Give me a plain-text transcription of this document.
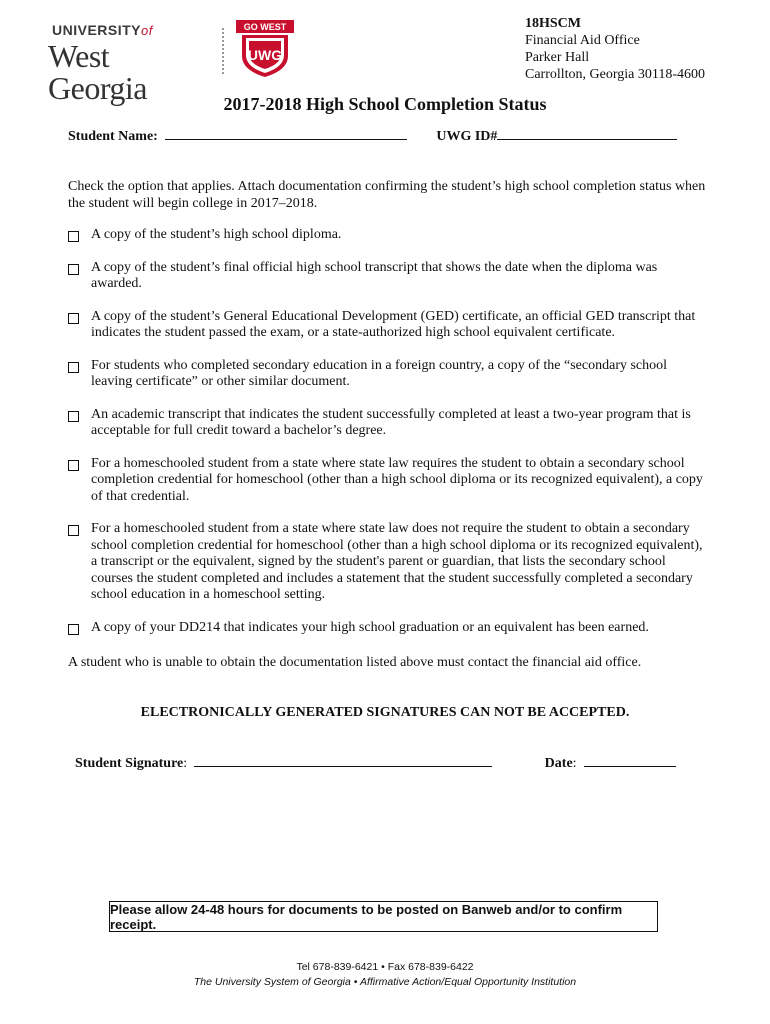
UNIVERSITYof
West Georgia
GO WEST
UWG
18HSCM
Financial Aid Office
Parker Hall
Carrollton, Georgia 30118-4600
2017-2018 High School Completion Status
Student Name:	UWG ID#
Check the option that applies. Attach documentation confirming the student’s high school completion status when the student will begin college in 2017–2018.
A copy of the student’s high school diploma.
A copy of the student’s final official high school transcript that shows the date when the diploma was awarded.
A copy of the student’s General Educational Development (GED) certificate, an official GED transcript that indicates the student passed the exam, or a state-authorized high school equivalent certificate.
For students who completed secondary education in a foreign country, a copy of the “secondary school leaving certificate” or other similar document.
An academic transcript that indicates the student successfully completed at least a two-year program that is acceptable for full credit toward a bachelor’s degree.
For a homeschooled student from a state where state law requires the student to obtain a secondary school completion credential for homeschool (other than a high school diploma or its recognized equivalent), a copy of that credential.
For a homeschooled student from a state where state law does not require the student to obtain a secondary school completion credential for homeschool (other than a high school diploma or its recognized equivalent), a transcript or the equivalent, signed by the student's parent or guardian, that lists the secondary school courses the student completed and includes a statement that the student successfully completed a secondary school education in a homeschool setting.
A copy of your DD214 that indicates your high school graduation or an equivalent has been earned.
A student who is unable to obtain the documentation listed above must contact the financial aid office.
ELECTRONICALLY GENERATED SIGNATURES CAN NOT BE ACCEPTED.
Student Signature:	Date:
Please allow 24-48 hours for documents to be posted on Banweb and/or to confirm receipt.
Tel 678-839-6421 • Fax 678-839-6422
The University System of Georgia • Affirmative Action/Equal Opportunity Institution
